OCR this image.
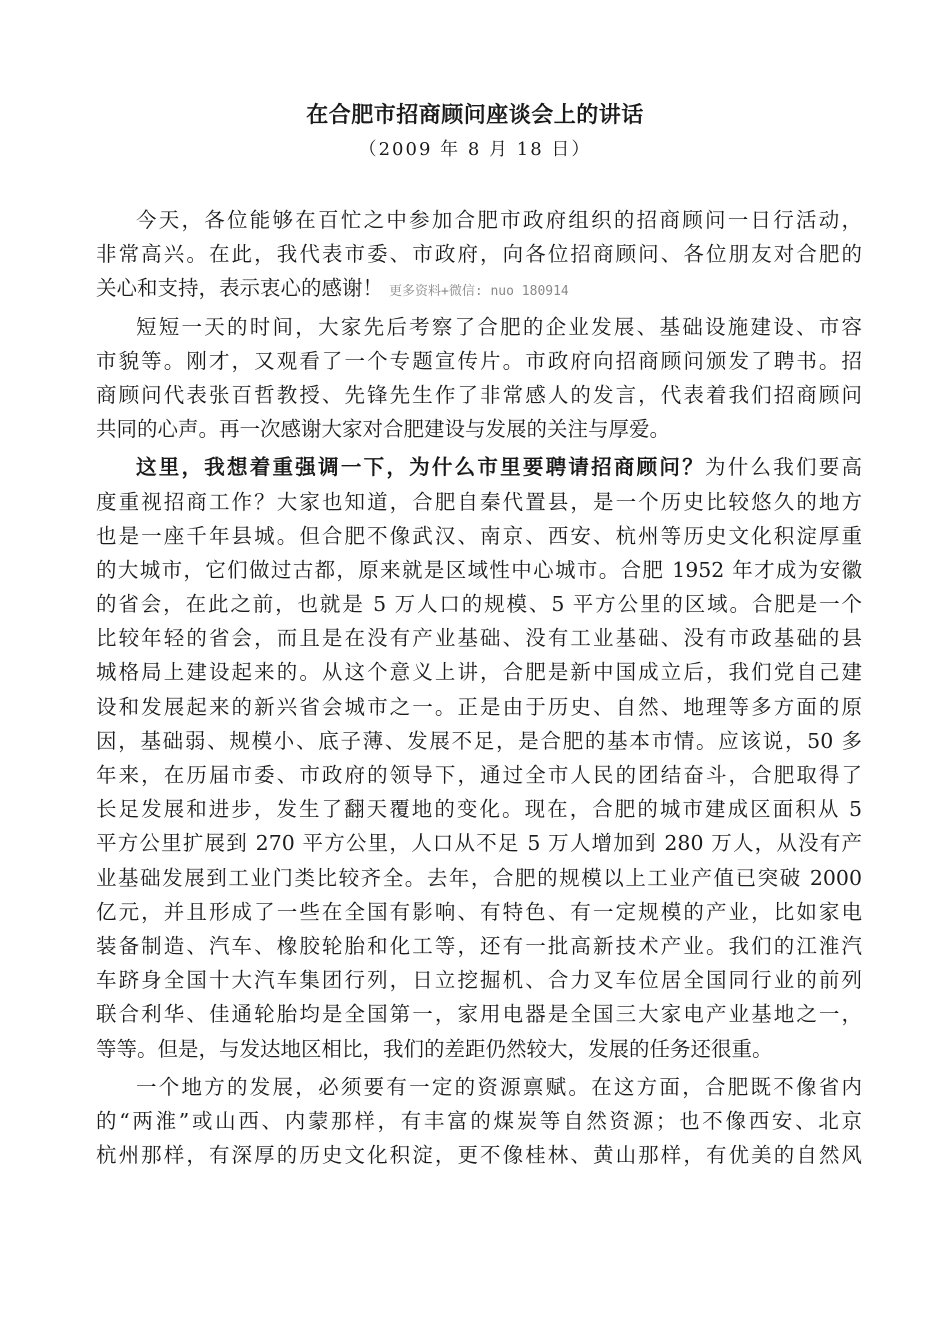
在合肥市招商顾问座谈会上的讲话
（2009 年 8 月 18 日）
今天，各位能够在百忙之中参加合肥市政府组织的招商顾问一日行活动，
非常高兴。在此，我代表市委、市政府，向各位招商顾问、各位朋友对合肥的
关心和支持，表示衷心的感谢！ 更多资料+微信: nuo 180914
短短一天的时间，大家先后考察了合肥的企业发展、基础设施建设、市容
市貌等。刚才，又观看了一个专题宣传片。市政府向招商顾问颁发了聘书。招
商顾问代表张百哲教授、先锋先生作了非常感人的发言，代表着我们招商顾问
共同的心声。再一次感谢大家对合肥建设与发展的关注与厚爱。
这里，我想着重强调一下，为什么市里要聘请招商顾问？为什么我们要高
度重视招商工作？大家也知道，合肥自秦代置县，是一个历史比较悠久的地方
也是一座千年县城。但合肥不像武汉、南京、西安、杭州等历史文化积淀厚重
的大城市，它们做过古都，原来就是区域性中心城市。合肥 1952 年才成为安徽
的省会，在此之前，也就是 5 万人口的规模、5 平方公里的区域。合肥是一个
比较年轻的省会，而且是在没有产业基础、没有工业基础、没有市政基础的县
城格局上建设起来的。从这个意义上讲，合肥是新中国成立后，我们党自己建
设和发展起来的新兴省会城市之一。正是由于历史、自然、地理等多方面的原
因，基础弱、规模小、底子薄、发展不足，是合肥的基本市情。应该说，50 多
年来，在历届市委、市政府的领导下，通过全市人民的团结奋斗，合肥取得了
长足发展和进步，发生了翻天覆地的变化。现在，合肥的城市建成区面积从 5
平方公里扩展到 270 平方公里，人口从不足 5 万人增加到 280 万人，从没有产
业基础发展到工业门类比较齐全。去年，合肥的规模以上工业产值已突破 2000
亿元，并且形成了一些在全国有影响、有特色、有一定规模的产业，比如家电
装备制造、汽车、橡胶轮胎和化工等，还有一批高新技术产业。我们的江淮汽
车跻身全国十大汽车集团行列，日立挖掘机、合力叉车位居全国同行业的前列
联合利华、佳通轮胎均是全国第一，家用电器是全国三大家电产业基地之一，
等等。但是，与发达地区相比，我们的差距仍然较大，发展的任务还很重。
一个地方的发展，必须要有一定的资源禀赋。在这方面，合肥既不像省内
的“两淮”或山西、内蒙那样，有丰富的煤炭等自然资源；也不像西安、北京
杭州那样，有深厚的历史文化积淀，更不像桂林、黄山那样，有优美的自然风
